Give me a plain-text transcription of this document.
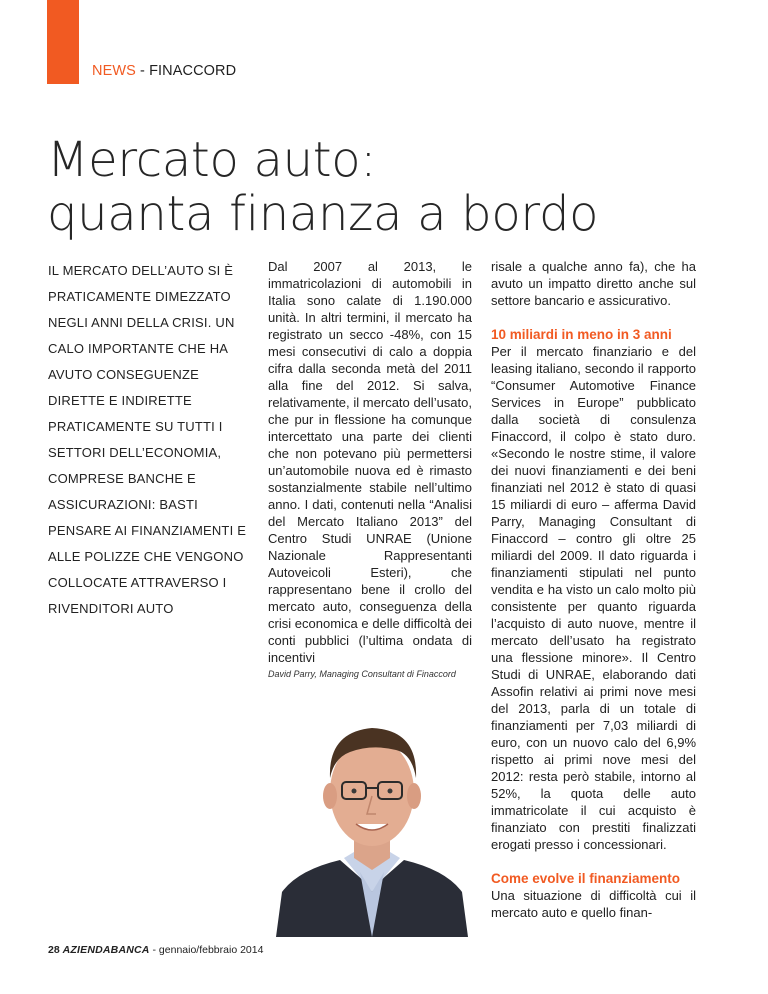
NEWS - FINACCORD
Mercato auto:
quanta finanza a bordo
IL MERCATO DELL’AUTO SI È PRATICAMENTE DIMEZZATO NEGLI ANNI DELLA CRISI. UN CALO IMPORTANTE CHE HA AVUTO CONSEGUENZE DIRETTE E INDIRETTE PRATICAMENTE SU TUTTI I SETTORI DELL’ECONOMIA, COMPRESE BANCHE E ASSICURAZIONI: BASTI PENSARE AI FINANZIAMENTI E ALLE POLIZZE CHE VENGONO COLLOCATE ATTRAVERSO I RIVENDITORI AUTO

Dal 2007 al 2013, le immatricolazioni di automobili in Italia sono calate di 1.190.000 unità. In altri termini, il mercato ha registrato un secco -48%, con 15 mesi consecutivi di calo a doppia cifra dalla seconda metà del 2011 alla fine del 2012. Si salva, relativamente, il mercato dell’usato, che pur in flessione ha comunque intercettato una parte dei clienti che non potevano più permettersi un’automobile nuova ed è rimasto sostanzialmente stabile nell’ultimo anno. I dati, contenuti nella “Analisi del Mercato Italiano 2013” del Centro Studi UNRAE (Unione Nazionale Rappresentanti Autoveicoli Esteri), che rappresentano bene il crollo del mercato auto, conseguenza della crisi economica e delle difficoltà dei conti pubblici (l’ultima ondata di incentivi

risale a qualche anno fa), che ha avuto un impatto diretto anche sul settore bancario e assicurativo.

10 miliardi in meno in 3 anni

Per il mercato finanziario e del leasing italiano, secondo il rapporto “Consumer Automotive Finance Services in Europe” pubblicato dalla società di consulenza Finaccord, il colpo è stato duro. «Secondo le nostre stime, il valore dei nuovi finanziamenti e dei beni finanziati nel 2012 è stato di quasi 15 miliardi di euro – afferma David Parry, Managing Consultant di Finaccord – contro gli oltre 25 miliardi del 2009. Il dato riguarda i finanziamenti stipulati nel punto vendita e ha visto un calo molto più consistente per quanto riguarda l’acquisto di auto nuove, mentre il mercato dell’usato ha registrato una flessione minore». Il Centro Studi di UNRAE, elaborando dati Assofin relativi ai primi nove mesi del 2013, parla di un totale di finanziamenti per 7,03 miliardi di euro, con un nuovo calo del 6,9% rispetto ai primi nove mesi del 2012: resta però stabile, intorno al 52%, la quota delle auto immatricolate il cui acquisto è finanziato con prestiti finalizzati erogati presso i concessionari.

Come evolve il finanziamento

Una situazione di difficoltà cui il mercato auto e quello finan-

David Parry, Managing Consultant di Finaccord
28 AZIENDABANCA - gennaio/febbraio 2014
